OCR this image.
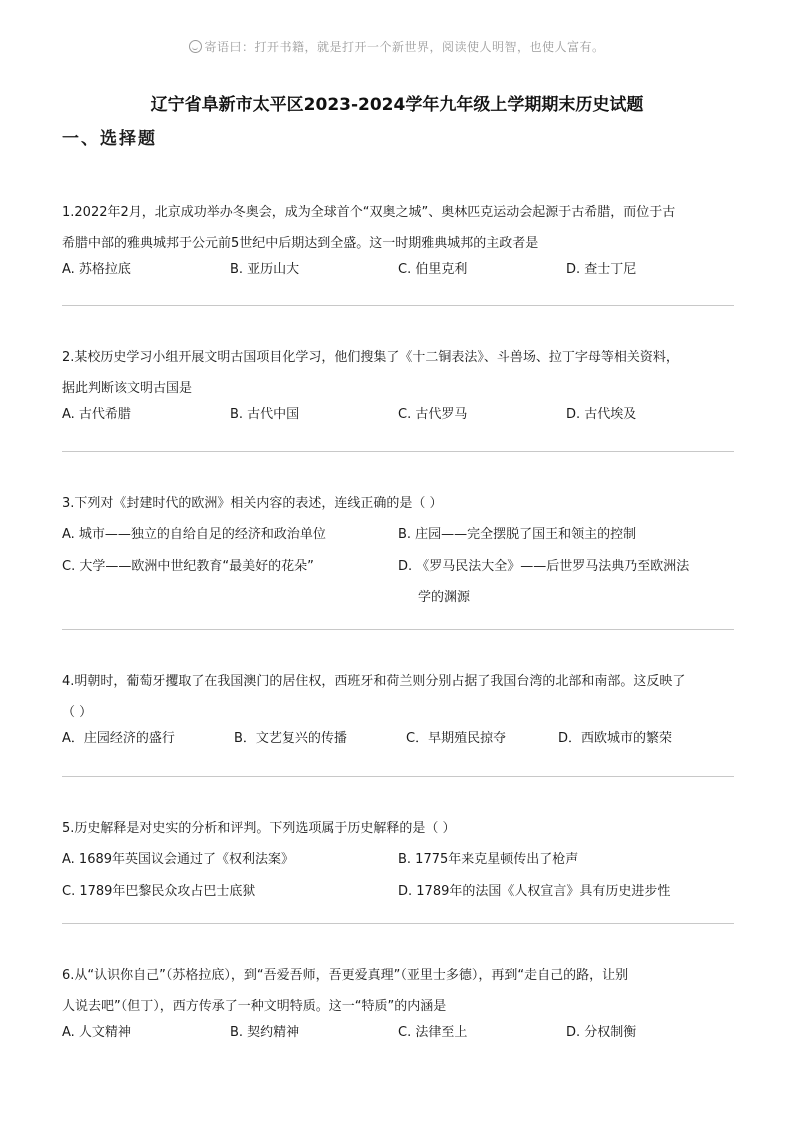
寄语曰：打开书籍，就是打开一个新世界，阅读使人明智，也使人富有。
辽宁省阜新市太平区2023-2024学年九年级上学期期末历史试题
一、选择题
1.2022年2月，北京成功举办冬奥会，成为全球首个“双奥之城”、奥林匹克运动会起源于古希腊，而位于古
希腊中部的雅典城邦于公元前5世纪中后期达到全盛。这一时期雅典城邦的主政者是
A. 苏格拉底	B. 亚历山大	C. 伯里克利	D. 查士丁尼
2.某校历史学习小组开展文明古国项目化学习，他们搜集了《十二铜表法》、斗兽场、拉丁字母等相关资料，
据此判断该文明古国是
A. 古代希腊	B. 古代中国	C. 古代罗马	D. 古代埃及
3.下列对《封建时代的欧洲》相关内容的表述，连线正确的是（ ）
A. 城市——独立的自给自足的经济和政治单位	B. 庄园——完全摆脱了国王和领主的控制
C. 大学——欧洲中世纪教育“最美好的花朵”	D. 《罗马民法大全》——后世罗马法典乃至欧洲法
学的渊源
4.明朝时，葡萄牙攫取了在我国澳门的居住权，西班牙和荷兰则分别占据了我国台湾的北部和南部。这反映了
（ ）
A．庄园经济的盛行	B．文艺复兴的传播	C．早期殖民掠夺	D．西欧城市的繁荣
5.历史解释是对史实的分析和评判。下列选项属于历史解释的是（ ）
A. 1689年英国议会通过了《权利法案》	B. 1775年来克星顿传出了枪声
C. 1789年巴黎民众攻占巴士底狱	D. 1789年的法国《人权宣言》具有历史进步性
6.从“认识你自己”（苏格拉底），到“吾爱吾师，吾更爱真理”（亚里士多德），再到“走自己的路，让别
人说去吧”（但丁），西方传承了一种文明特质。这一“特质”的内涵是
A. 人文精神	B. 契约精神	C. 法律至上	D. 分权制衡
